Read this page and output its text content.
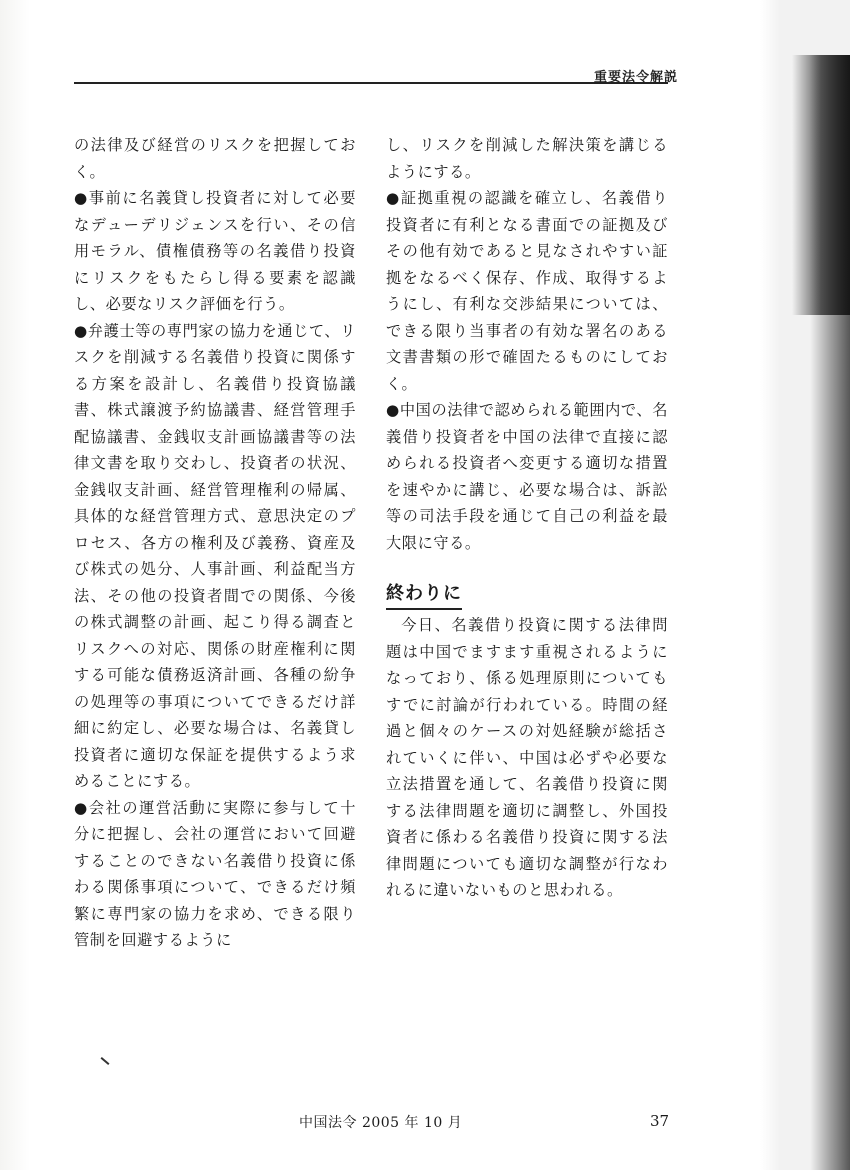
重要法令解説

の法律及び経営のリスクを把握しておく。

● 事前に名義貸し投資者に対して必要なデューデリジェンスを行い、その信用モラル、債権債務等の名義借り投資にリスクをもたらし得る要素を認識し、必要なリスク評価を行う。

● 弁護士等の専門家の協力を通じて、リスクを削減する名義借り投資に関係する方案を設計し、名義借り投資協議書、株式譲渡予約協議書、経営管理手配協議書、金銭収支計画協議書等の法律文書を取り交わし、投資者の状況、金銭収支計画、経営管理権利の帰属、具体的な経営管理方式、意思決定のプロセス、各方の権利及び義務、資産及び株式の処分、人事計画、利益配当方法、その他の投資者間での関係、今後の株式調整の計画、起こり得る調査とリスクへの対応、関係の財産権利に関する可能な債務返済計画、各種の紛争の処理等の事項についてできるだけ詳細に約定し、必要な場合は、名義貸し投資者に適切な保証を提供するよう求めることにする。

● 会社の運営活動に実際に参与して十分に把握し、会社の運営において回避することのできない名義借り投資に係わる関係事項について、できるだけ頻繁に専門家の協力を求め、できる限り管制を回避するように

し、リスクを削減した解決策を講じるようにする。

● 証拠重視の認識を確立し、名義借り投資者に有利となる書面での証拠及びその他有効であると見なされやすい証拠をなるべく保存、作成、取得するようにし、有利な交渉結果については、できる限り当事者の有効な署名のある文書書類の形で確固たるものにしておく。

● 中国の法律で認められる範囲内で、名義借り投資者を中国の法律で直接に認められる投資者へ変更する適切な措置を速やかに講じ、必要な場合は、訴訟等の司法手段を通じて自己の利益を最大限に守る。

終わりに

今日、名義借り投資に関する法律問題は中国でますます重視されるようになっており、係る処理原則についてもすでに討論が行われている。時間の経過と個々のケースの対処経験が総括されていくに伴い、中国は必ずや必要な立法措置を通して、名義借り投資に関する法律問題を適切に調整し、外国投資者に係わる名義借り投資に関する法律問題についても適切な調整が行なわれるに違いないものと思われる。

中国法令 2005 年 10 月	37
